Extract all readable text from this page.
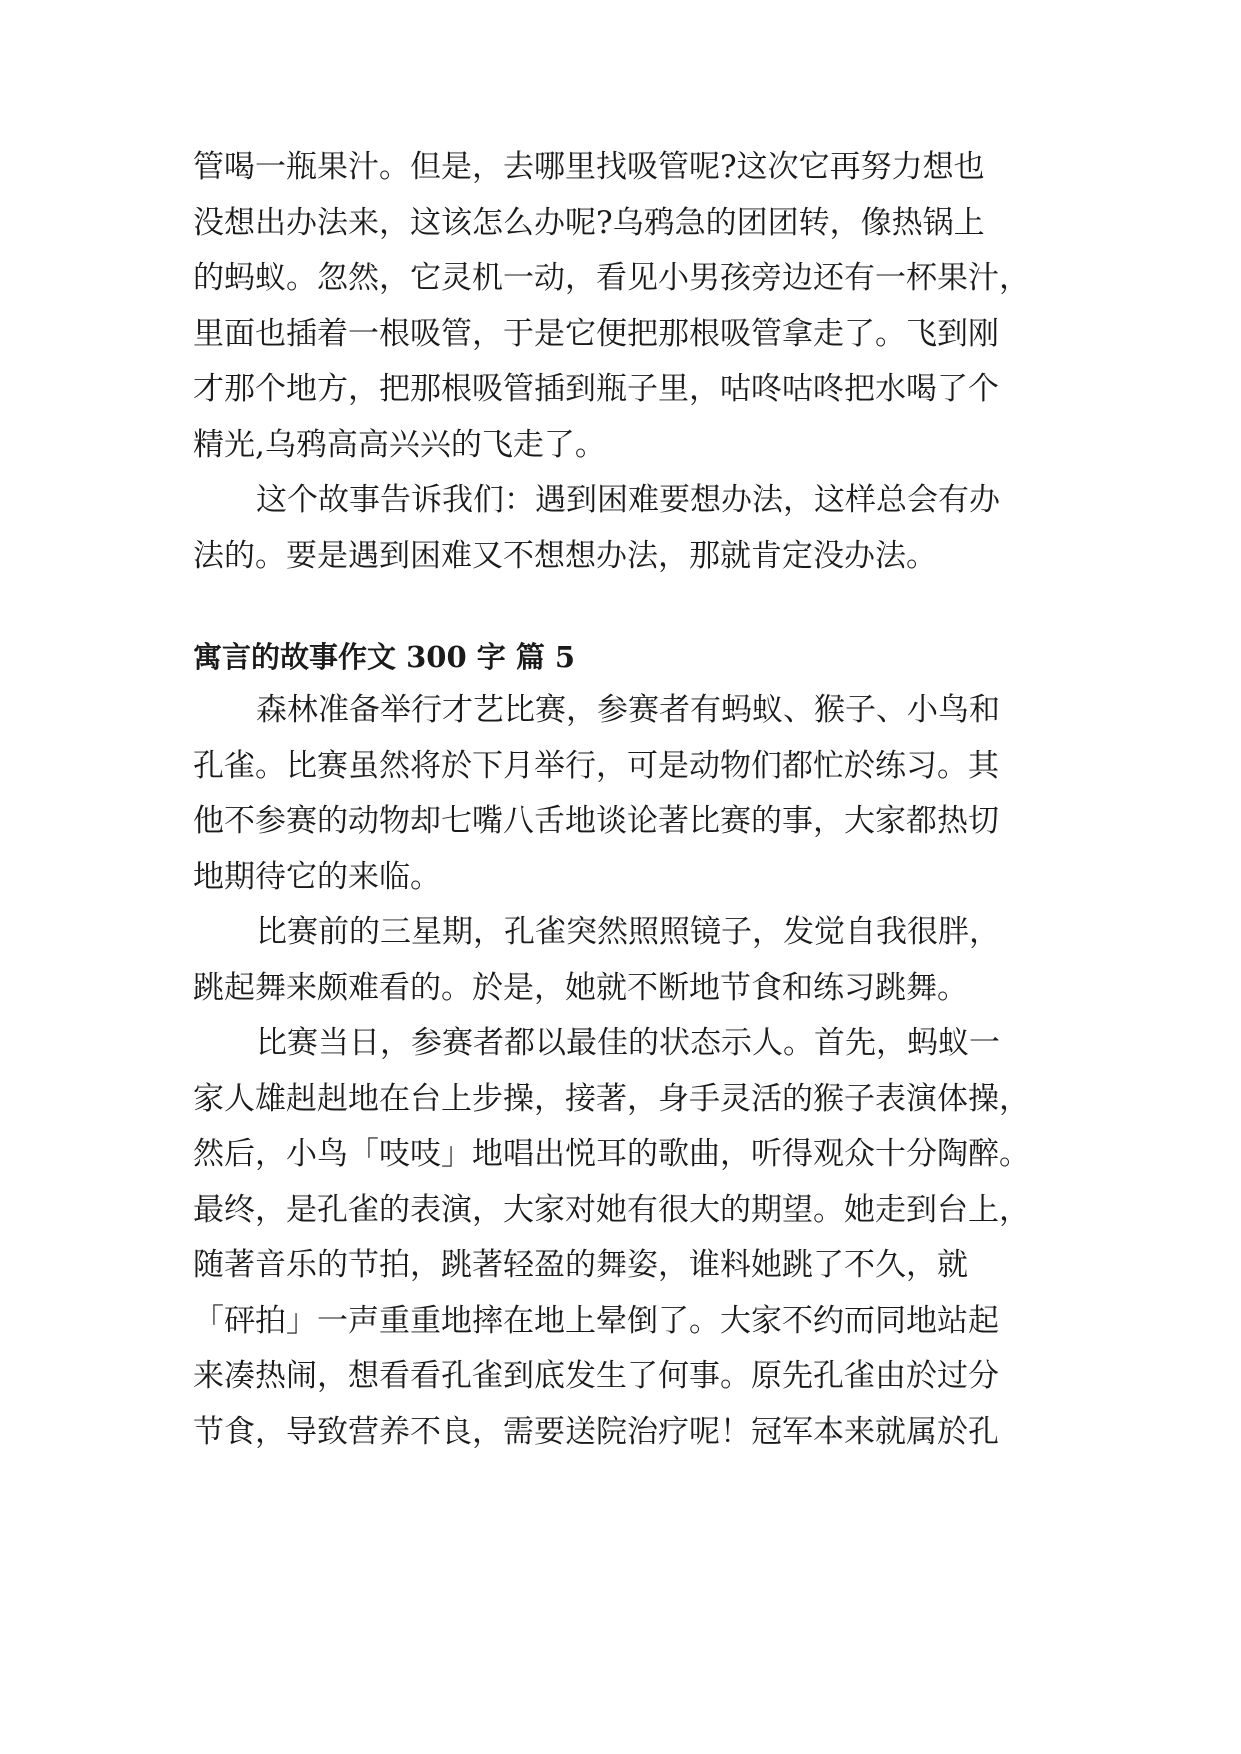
管喝一瓶果汁。但是，去哪里找吸管呢?这次它再努力想也

没想出办法来，这该怎么办呢?乌鸦急的团团转，像热锅上

的蚂蚁。忽然，它灵机一动，看见小男孩旁边还有一杯果汁，

里面也插着一根吸管，于是它便把那根吸管拿走了。飞到刚

才那个地方，把那根吸管插到瓶子里，咕咚咕咚把水喝了个

精光,乌鸦高高兴兴的飞走了。

这个故事告诉我们：遇到困难要想办法，这样总会有办

法的。要是遇到困难又不想想办法，那就肯定没办法。

寓言的故事作文 300 字 篇 5

森林准备举行才艺比赛，参赛者有蚂蚁、猴子、小鸟和

孔雀。比赛虽然将於下月举行，可是动物们都忙於练习。其

他不参赛的动物却七嘴八舌地谈论著比赛的事，大家都热切

地期待它的来临。

比赛前的三星期，孔雀突然照照镜子，发觉自我很胖，

跳起舞来颇难看的。於是，她就不断地节食和练习跳舞。

比赛当日，参赛者都以最佳的状态示人。首先，蚂蚁一

家人雄赳赳地在台上步操，接著，身手灵活的猴子表演体操，

然后，小鸟「吱吱」地唱出悦耳的歌曲，听得观众十分陶醉。

最终，是孔雀的表演，大家对她有很大的期望。她走到台上，

随著音乐的节拍，跳著轻盈的舞姿，谁料她跳了不久，就

「砰拍」一声重重地摔在地上晕倒了。大家不约而同地站起

来凑热闹，想看看孔雀到底发生了何事。原先孔雀由於过分

节食，导致营养不良，需要送院治疗呢！冠军本来就属於孔
